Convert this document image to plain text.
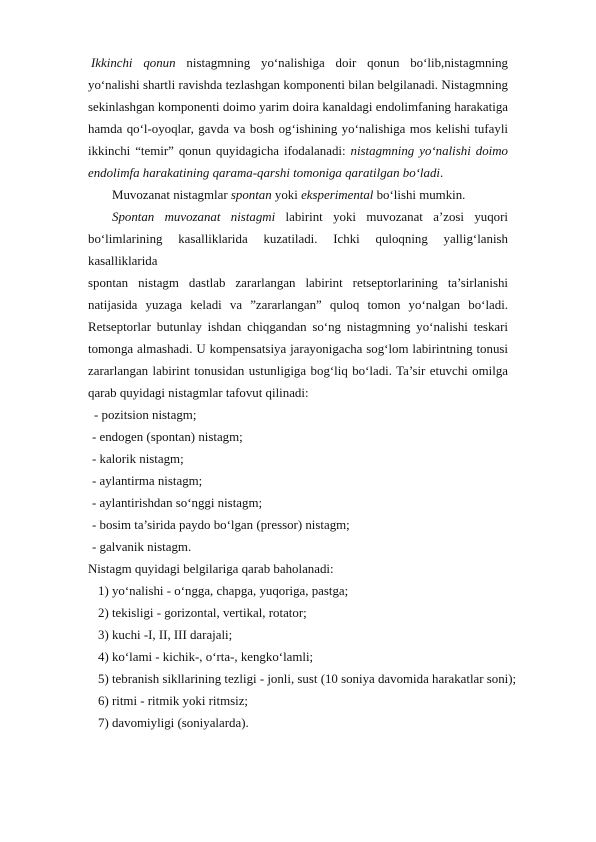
Ikkinchi qonun nistagmning yo‘nalishiga doir qonun bo‘lib,nistagmning

yo‘nalishi shartli ravishda tezlashgan komponenti bilan belgilanadi. Nistagmning

sekinlashgan komponenti doimo yarim doira kanaldagi endolimfaning harakatiga

hamda qo‘l-oyoqlar, gavda va bosh og‘ishining yo‘nalishiga mos kelishi tufayli

ikkinchi “temir” qonun quyidagicha ifodalanadi: nistagmning yo‘nalishi doimo

endolimfa harakatining qarama-qarshi tomoniga qaratilgan bo‘ladi.

Muvozanat nistagmlar spontan yoki eksperimental bo‘lishi mumkin.

Spontan muvozanat nistagmi labirint yoki muvozanat a’zosi yuqori

bo‘limlarining kasalliklarida kuzatiladi. Ichki quloqning yallig‘lanish kasalliklarida

spontan nistagm dastlab zararlangan labirint retseptorlarining ta’sirlanishi

natijasida yuzaga keladi va ”zararlangan” quloq tomon yo‘nalgan bo‘ladi.

Retseptorlar butunlay ishdan chiqgandan so‘ng nistagmning yo‘nalishi teskari

tomonga almashadi. U kompensatsiya jarayonigacha sog‘lom labirintning tonusi

zararlangan labirint tonusidan ustunligiga bog‘liq bo‘ladi. Ta’sir etuvchi omilga

qarab quyidagi nistagmlar tafovut qilinadi:

- pozitsion nistagm;

- endogen (spontan) nistagm;

- kalorik nistagm;

- aylantirma nistagm;

- aylantirishdan so‘nggi nistagm;

- bosim ta’sirida paydo bo‘lgan (pressor) nistagm;

- galvanik nistagm.

Nistagm quyidagi belgilariga qarab baholanadi:

1) yo‘nalishi - o‘ngga, chapga, yuqoriga, pastga;

2) tekisligi - gorizontal, vertikal, rotator;

3) kuchi -I, II, III darajali;

4) ko‘lami - kichik-, o‘rta-, kengko‘lamli;

5) tebranish sikllarining tezligi - jonli, sust (10 soniya davomida harakatlar soni);

6) ritmi - ritmik yoki ritmsiz;

7) davomiyligi (soniyalarda).
